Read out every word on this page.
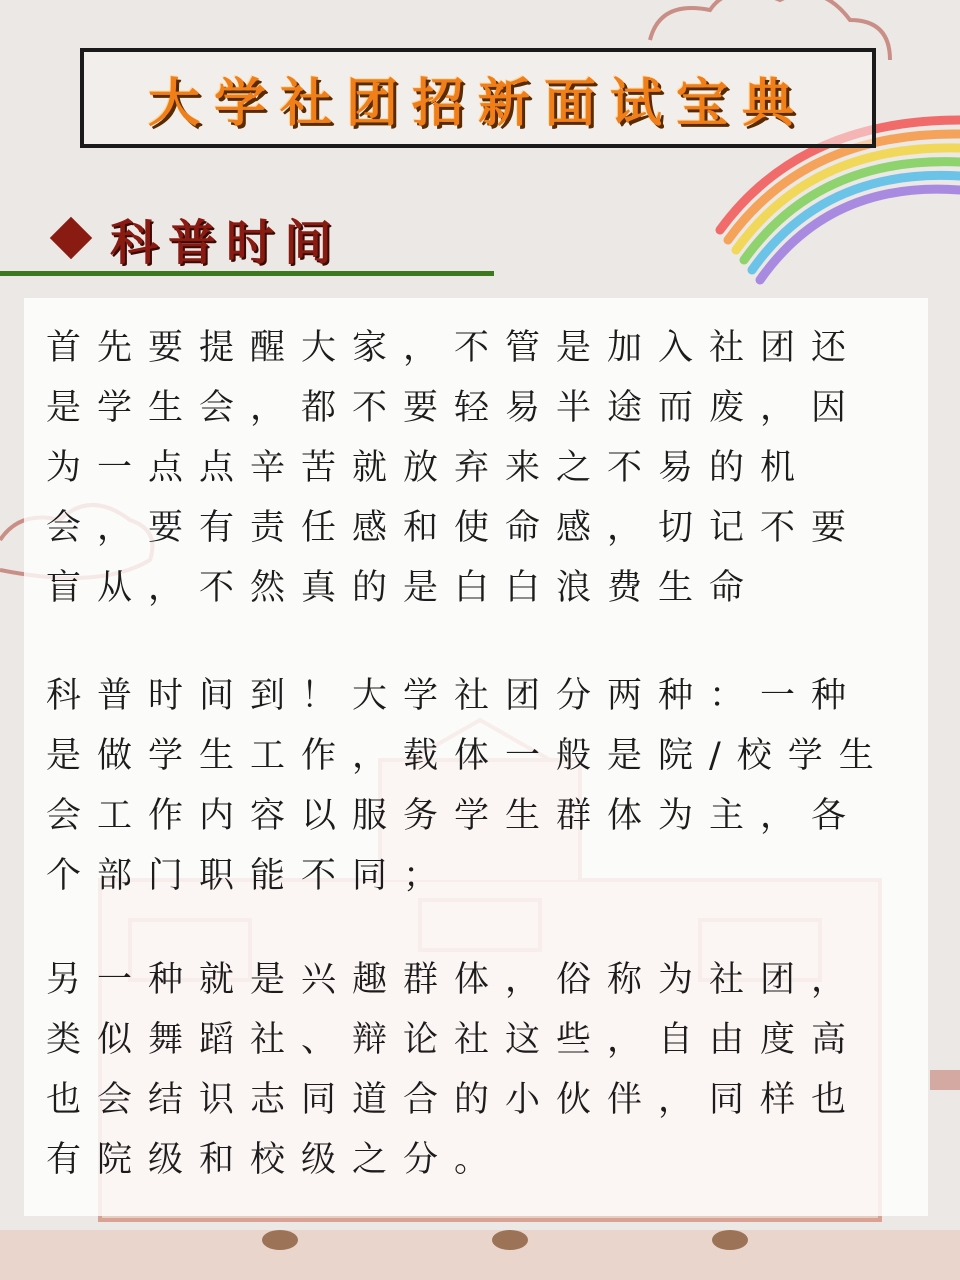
大学社团招新面试宝典
科普时间

首先要提醒大家，不管是加入社团还是学生会，都不要轻易半途而废，因为一点点辛苦就放弃来之不易的机会，要有责任感和使命感，切记不要盲从，不然真的是白白浪费生命

科普时间到！大学社团分两种：一种是做学生工作，载体一般是院/校学生会工作内容以服务学生群体为主，各个部门职能不同；

另一种就是兴趣群体，俗称为社团，类似舞蹈社、辩论社这些，自由度高也会结识志同道合的小伙伴，同样也有院级和校级之分。
